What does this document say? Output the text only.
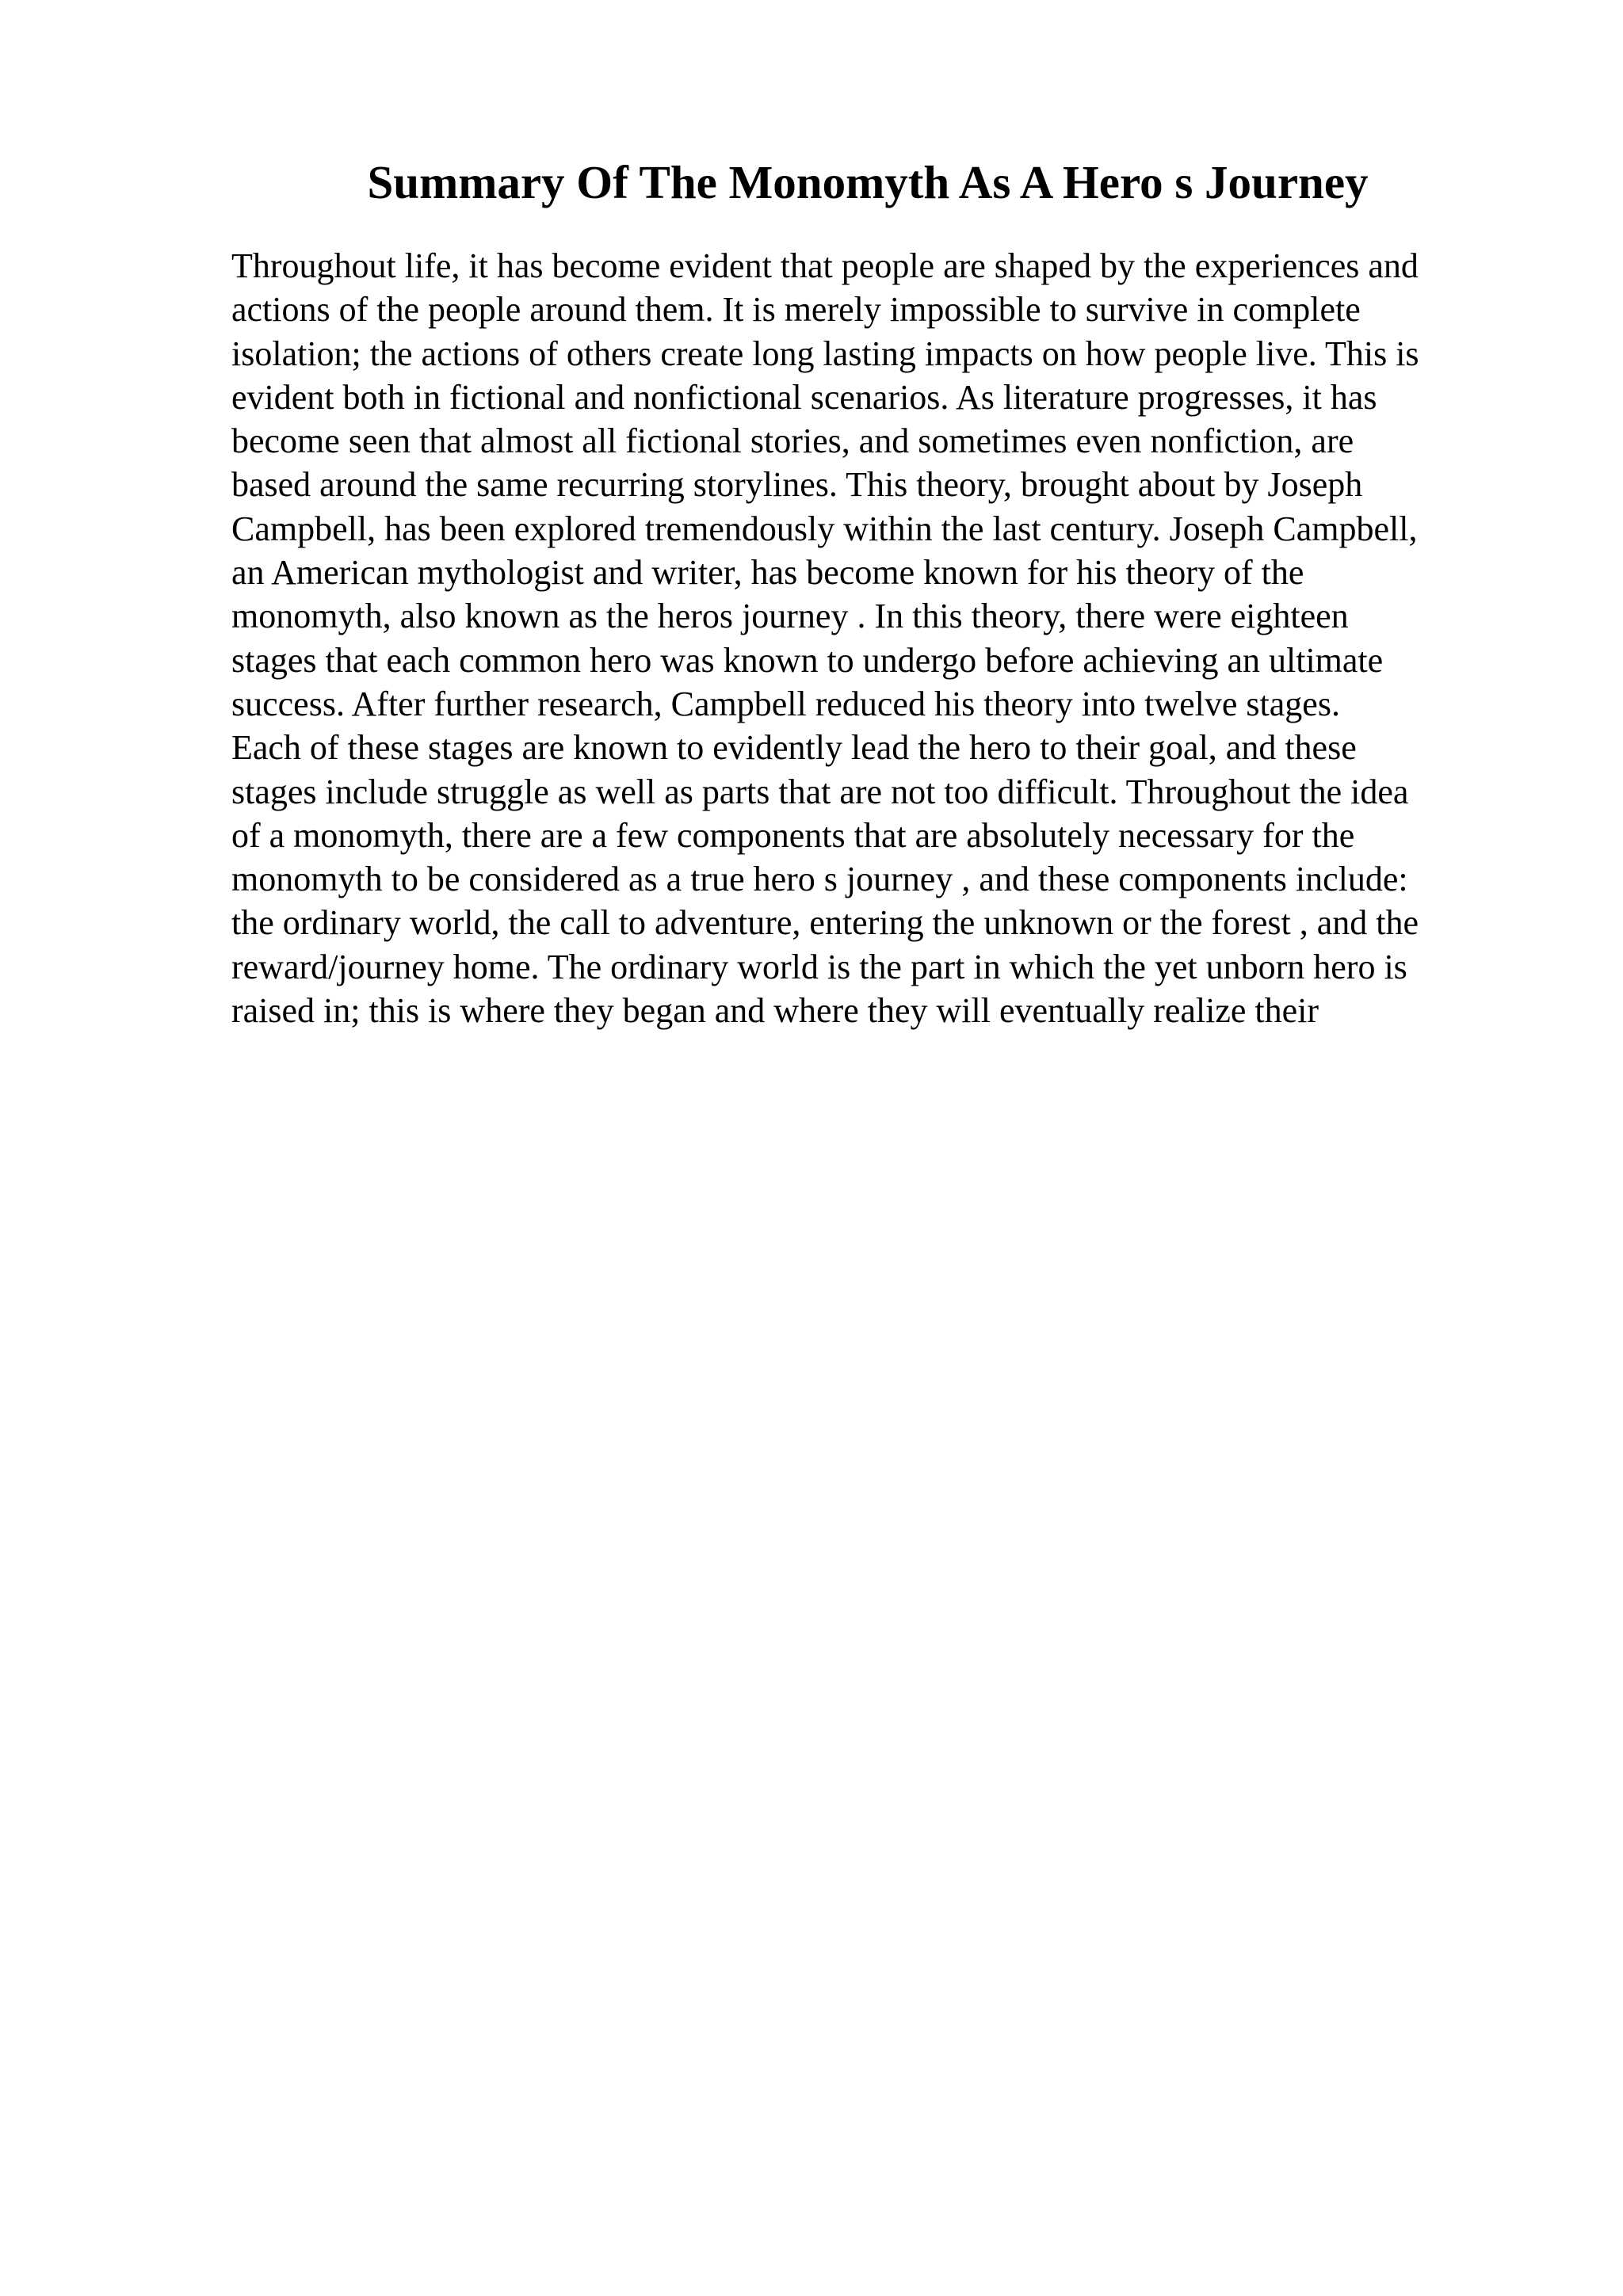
Summary Of The Monomyth As A Hero s Journey
Throughout life, it has become evident that people are shaped by the experiences and
actions of the people around them. It is merely impossible to survive in complete
isolation; the actions of others create long lasting impacts on how people live. This is
evident both in fictional and nonfictional scenarios. As literature progresses, it has
become seen that almost all fictional stories, and sometimes even nonfiction, are
based around the same recurring storylines. This theory, brought about by Joseph
Campbell, has been explored tremendously within the last century. Joseph Campbell,
an American mythologist and writer, has become known for his theory of the
monomyth, also known as the heros journey . In this theory, there were eighteen
stages that each common hero was known to undergo before achieving an ultimate
success. After further research, Campbell reduced his theory into twelve stages.
Each of these stages are known to evidently lead the hero to their goal, and these
stages include struggle as well as parts that are not too difficult. Throughout the idea
of a monomyth, there are a few components that are absolutely necessary for the
monomyth to be considered as a true hero s journey , and these components include:
the ordinary world, the call to adventure, entering the unknown or the forest , and the
reward/journey home. The ordinary world is the part in which the yet unborn hero is
raised in; this is where they began and where they will eventually realize their
